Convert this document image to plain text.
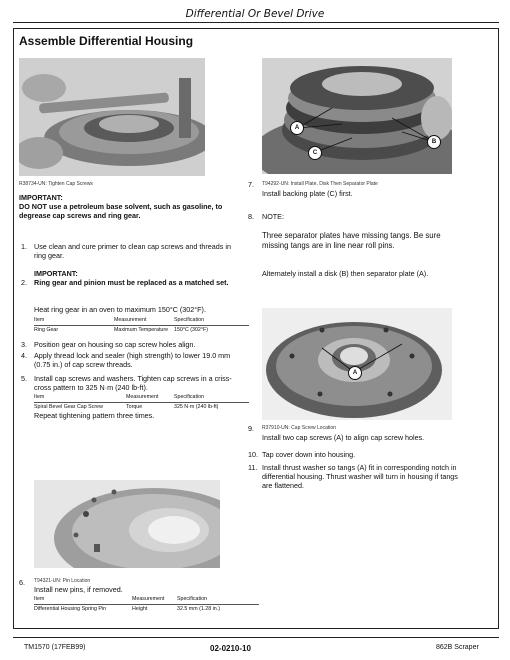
Differential Or Bevel Drive
Assemble Differential Housing
R38734-UN: Tighten Cap Screws
IMPORTANT:
DO NOT use a petroleum base solvent, such as gasoline, to
degrease cap screws and ring gear.
1. Use clean and cure primer to clean cap screws and threads in
ring gear.
IMPORTANT:
2. Ring gear and pinion must be replaced as a matched set.
Heat ring gear in an oven to maximum 150°C (302°F).
Item	Measurement	Specification
Ring Gear	Maximum Temperature	150°C (302°F)
3. Position gear on housing so cap screw holes align.
4. Apply thread lock and sealer (high strength) to lower 19.0 mm
(0.75 in.) of cap screw threads.
5. Install cap screws and washers. Tighten cap screws in a criss-
cross pattern to 325 N·m (240 lb-ft).
Item	Measurement	Specification
Spiral Bevel Gear Cap Screw	Torque	325 N·m (240 lb-ft)
Repeat tightening pattern three times.
6. T94321-UN: Pin Location
Install new pins, if removed.
Item	Measurement	Specification
Differential Housing Spring Pin	Height	32.5 mm (1.28 in.)
A
B
C
7. T94292-UN: Install Plate, Disk Then Separator Plate
Install backing plate (C) first.
8. NOTE:
Three separator plates have missing tangs. Be sure
missing tangs are in line near roll pins.
Alternately install a disk (B) then separator plate (A).
A
9. R37910-UN: Cap Screw Location
Install two cap screws (A) to align cap screw holes.
10. Tap cover down into housing.
11. Install thrust washer so tangs (A) fit in corresponding notch in
differential housing. Thrust washer will turn in housing if tangs
are flattened.
TM1570 (17FEB99)	02-0210-10	862B Scraper
